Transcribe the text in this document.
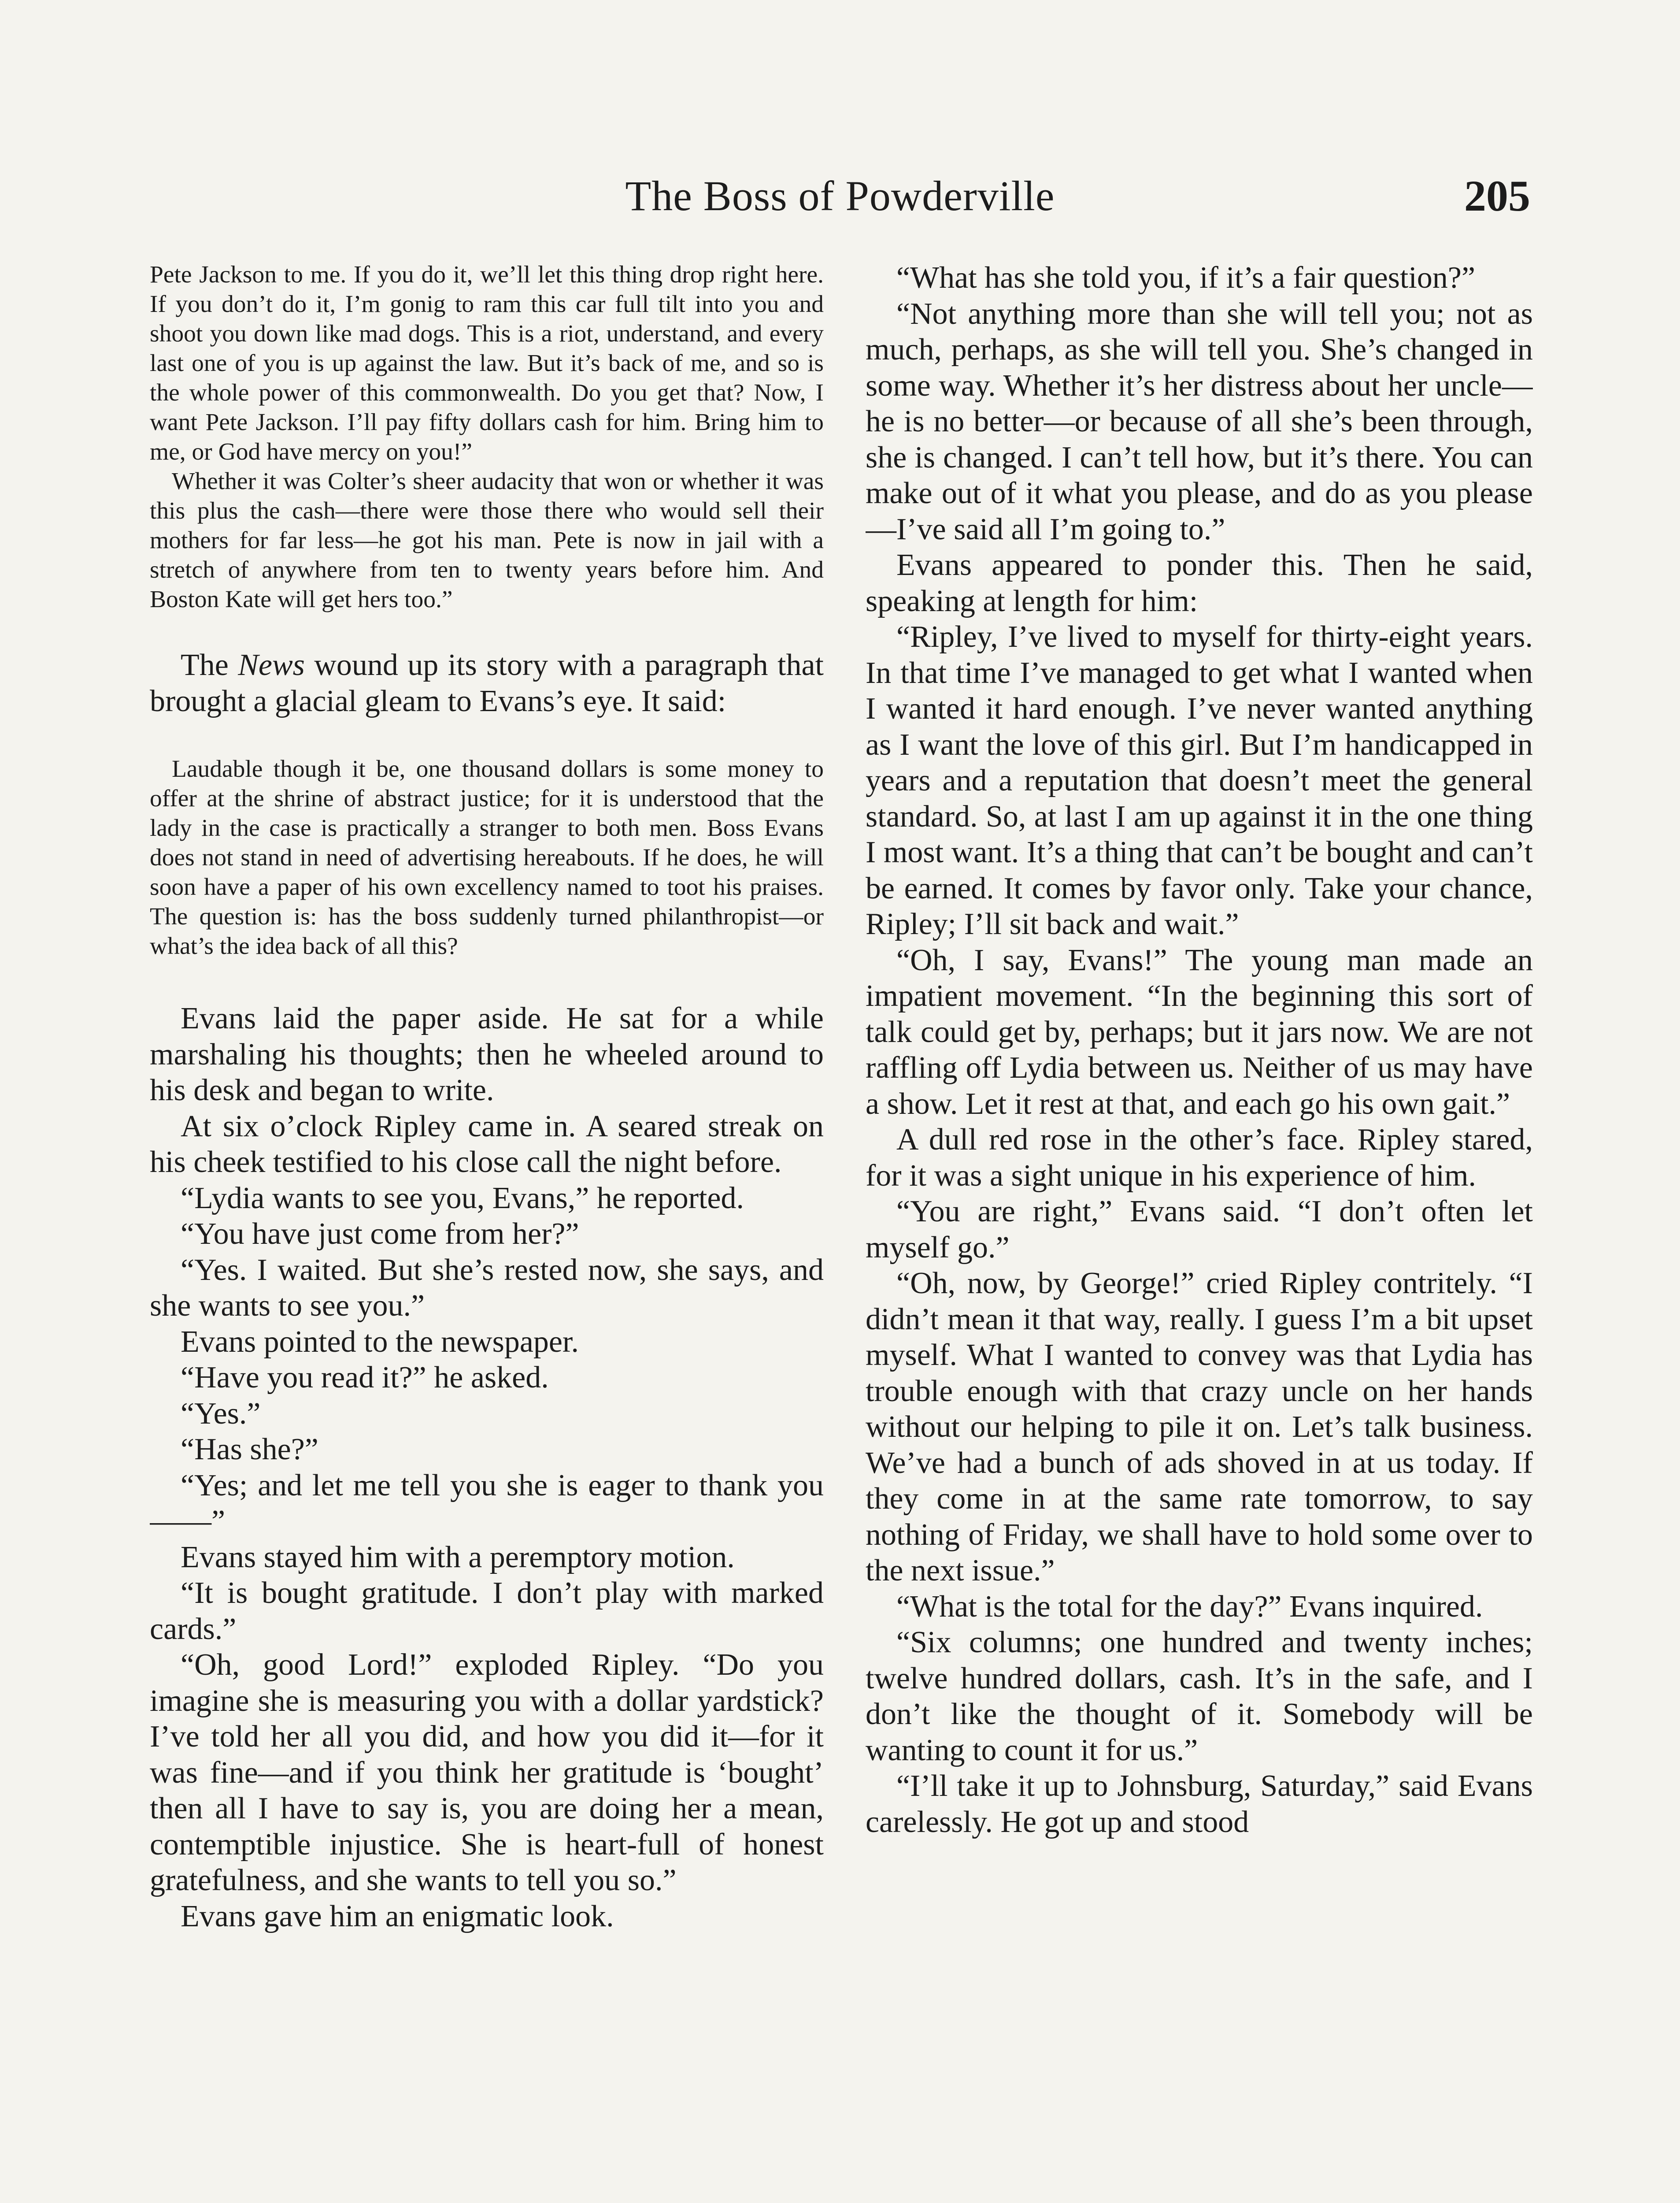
The Boss of Powderville	205

Pete Jackson to me. If you do it, we’ll let this thing drop right here. If you don’t do it, I’m gonig to ram this car full tilt into you and shoot you down like mad dogs. This is a riot, understand, and every last one of you is up against the law. But it’s back of me, and so is the whole power of this commonwealth. Do you get that? Now, I want Pete Jackson. I’ll pay fifty dollars cash for him. Bring him to me, or God have mercy on you!”

Whether it was Colter’s sheer audacity that won or whether it was this plus the cash—there were those there who would sell their mothers for far less—he got his man. Pete is now in jail with a stretch of anywhere from ten to twenty years before him. And Boston Kate will get hers too.”

The News wound up its story with a paragraph that brought a glacial gleam to Evans’s eye. It said:

Laudable though it be, one thousand dollars is some money to offer at the shrine of abstract justice; for it is understood that the lady in the case is practically a stranger to both men. Boss Evans does not stand in need of advertising hereabouts. If he does, he will soon have a paper of his own excellency named to toot his praises. The question is: has the boss suddenly turned philanthropist—or what’s the idea back of all this?

Evans laid the paper aside. He sat for a while marshaling his thoughts; then he wheeled around to his desk and began to write.

At six o’clock Ripley came in. A seared streak on his cheek testified to his close call the night before.

“Lydia wants to see you, Evans,” he reported.

“You have just come from her?”

“Yes. I waited. But she’s rested now, she says, and she wants to see you.”

Evans pointed to the newspaper.

“Have you read it?” he asked.

“Yes.”

“Has she?”

“Yes; and let me tell you she is eager to thank you——”

Evans stayed him with a peremptory motion.

“It is bought gratitude. I don’t play with marked cards.”

“Oh, good Lord!” exploded Ripley. “Do you imagine she is measuring you with a dollar yardstick? I’ve told her all you did, and how you did it—for it was fine—and if you think her gratitude is ‘bought’ then all I have to say is, you are doing her a mean, contemptible injustice. She is heart-full of honest gratefulness, and she wants to tell you so.”

Evans gave him an enigmatic look.

“What has she told you, if it’s a fair question?”

“Not anything more than she will tell you; not as much, perhaps, as she will tell you. She’s changed in some way. Whether it’s her distress about her uncle—he is no better—or because of all she’s been through, she is changed. I can’t tell how, but it’s there. You can make out of it what you please, and do as you please—I’ve said all I’m going to.”

Evans appeared to ponder this. Then he said, speaking at length for him:

“Ripley, I’ve lived to myself for thirty-eight years. In that time I’ve managed to get what I wanted when I wanted it hard enough. I’ve never wanted anything as I want the love of this girl. But I’m handicapped in years and a reputation that doesn’t meet the general standard. So, at last I am up against it in the one thing I most want. It’s a thing that can’t be bought and can’t be earned. It comes by favor only. Take your chance, Ripley; I’ll sit back and wait.”

“Oh, I say, Evans!” The young man made an impatient movement. “In the beginning this sort of talk could get by, perhaps; but it jars now. We are not raffling off Lydia between us. Neither of us may have a show. Let it rest at that, and each go his own gait.”

A dull red rose in the other’s face. Ripley stared, for it was a sight unique in his experience of him.

“You are right,” Evans said. “I don’t often let myself go.”

“Oh, now, by George!” cried Ripley contritely. “I didn’t mean it that way, really. I guess I’m a bit upset myself. What I wanted to convey was that Lydia has trouble enough with that crazy uncle on her hands without our helping to pile it on. Let’s talk business. We’ve had a bunch of ads shoved in at us today. If they come in at the same rate tomorrow, to say nothing of Friday, we shall have to hold some over to the next issue.”

“What is the total for the day?” Evans inquired.

“Six columns; one hundred and twenty inches; twelve hundred dollars, cash. It’s in the safe, and I don’t like the thought of it. Somebody will be wanting to count it for us.”

“I’ll take it up to Johnsburg, Saturday,” said Evans carelessly. He got up and stood
